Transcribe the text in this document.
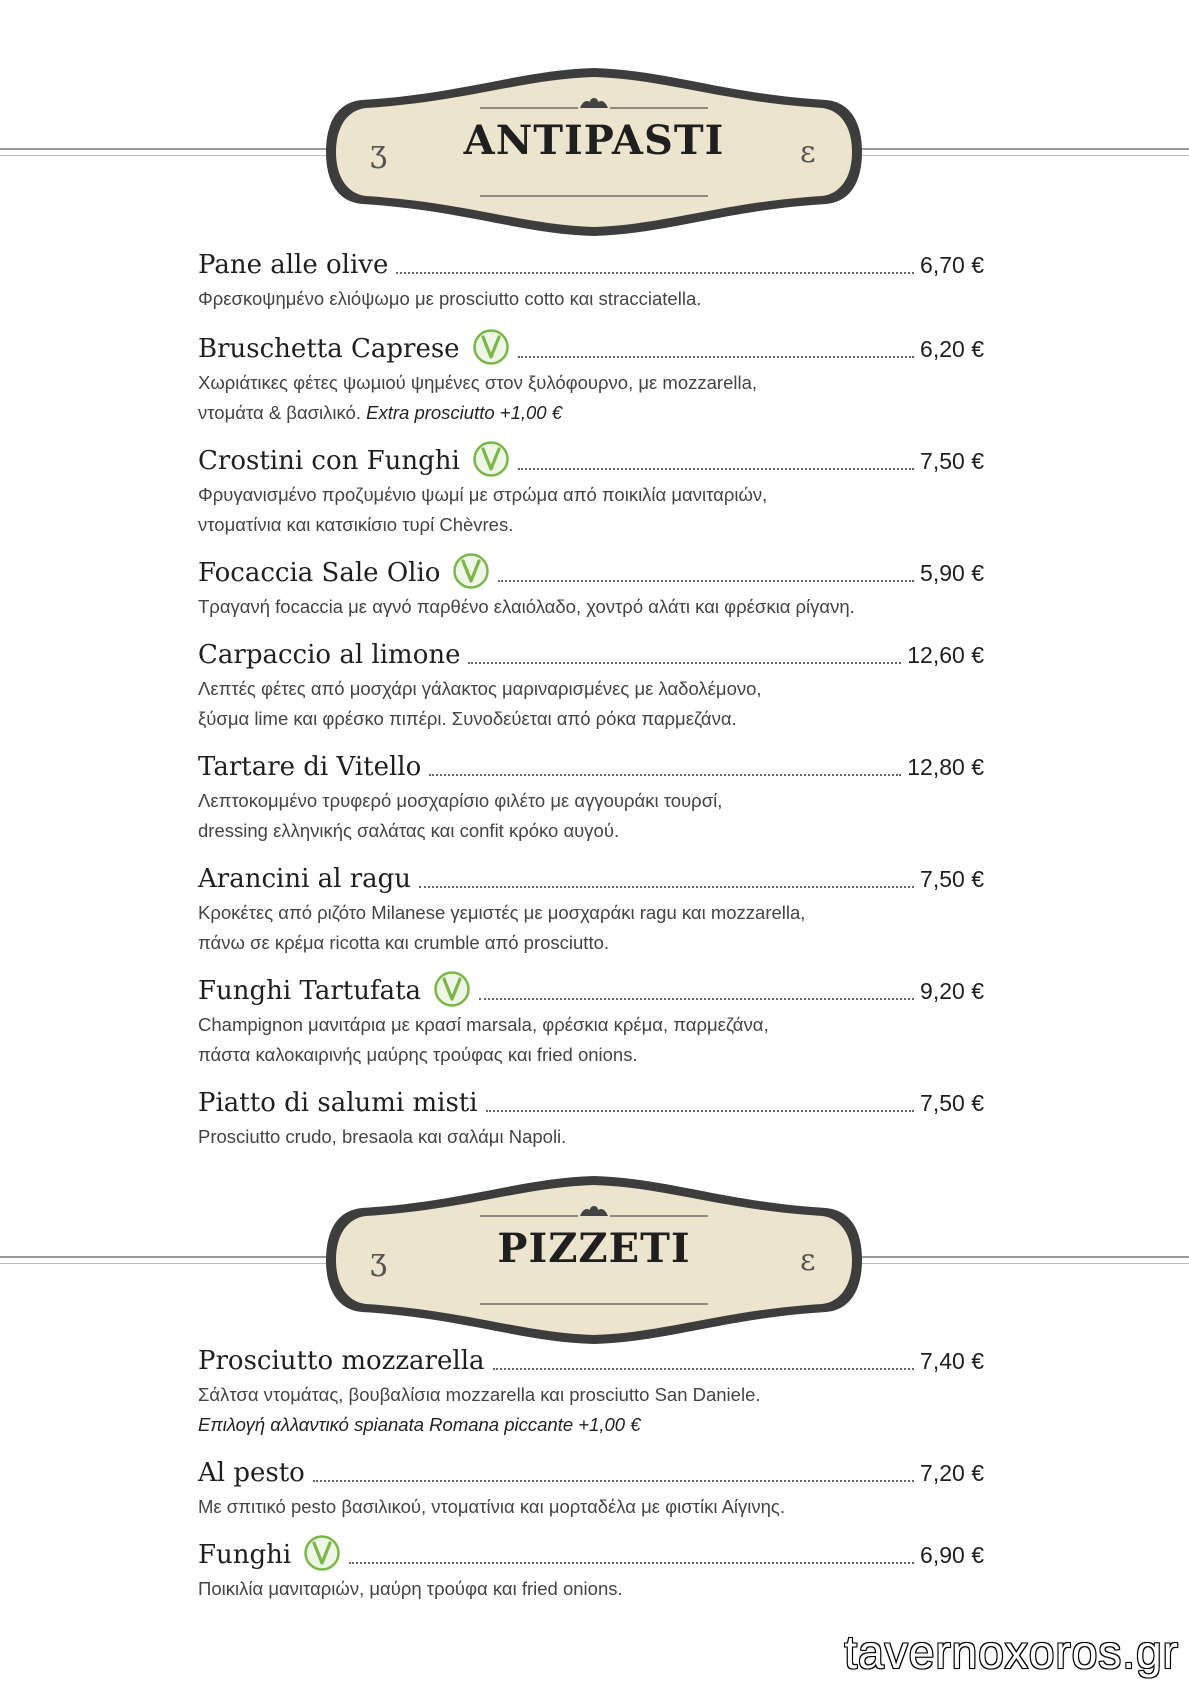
ʒ	ɛ
ANTIPASTI
ʒ	ɛ
PIZZETI
Pane alle olive	6,70 €
Φρεσκοψημένο ελιόψωμο με prosciutto cotto και stracciatella.
Bruschetta Caprese	6,20 €
Χωριάτικες φέτες ψωμιού ψημένες στον ξυλόφουρνο, με mozzarella,
ντομάτα & βασιλικό. Extra prosciutto +1,00 €
Crostini con Funghi	7,50 €
Φρυγανισμένο προζυμένιο ψωμί με στρώμα από ποικιλία μανιταριών,
ντοματίνια και κατσικίσιο τυρί Chèvres.
Focaccia Sale Olio	5,90 €
Τραγανή focaccia με αγνό παρθένο ελαιόλαδο, χοντρό αλάτι και φρέσκια ρίγανη.
Carpaccio al limone	12,60 €
Λεπτές φέτες από μοσχάρι γάλακτος μαριναρισμένες με λαδολέμονο,
ξύσμα lime και φρέσκο πιπέρι. Συνοδεύεται από ρόκα παρμεζάνα.
Tartare di Vitello	12,80 €
Λεπτοκομμένο τρυφερό μοσχαρίσιο φιλέτο με αγγουράκι τουρσί,
dressing ελληνικής σαλάτας και confit κρόκο αυγού.
Arancini al ragu	7,50 €
Κροκέτες από ριζότο Milanese γεμιστές με μοσχαράκι ragu και mozzarella,
πάνω σε κρέμα ricotta και crumble από prosciutto.
Funghi Tartufata	9,20 €
Champignon μανιτάρια με κρασί marsala, φρέσκια κρέμα, παρμεζάνα,
πάστα καλοκαιρινής μαύρης τρούφας και fried onions.
Piatto di salumi misti	7,50 €
Prosciutto crudo, bresaola και σαλάμι Napoli.
Prosciutto mozzarella	7,40 €
Σάλτσα ντομάτας, βουβαλίσια mozzarella και prosciutto San Daniele.
Επιλογή αλλαντικό spianata Romana piccante +1,00 €
Al pesto	7,20 €
Με σπιτικό pesto βασιλικού, ντοματίνια και μορταδέλα με φιστίκι Αίγινης.
Funghi	6,90 €
Ποικιλία μανιταριών, μαύρη τρούφα και fried onions.
tavernoxoros.gr
